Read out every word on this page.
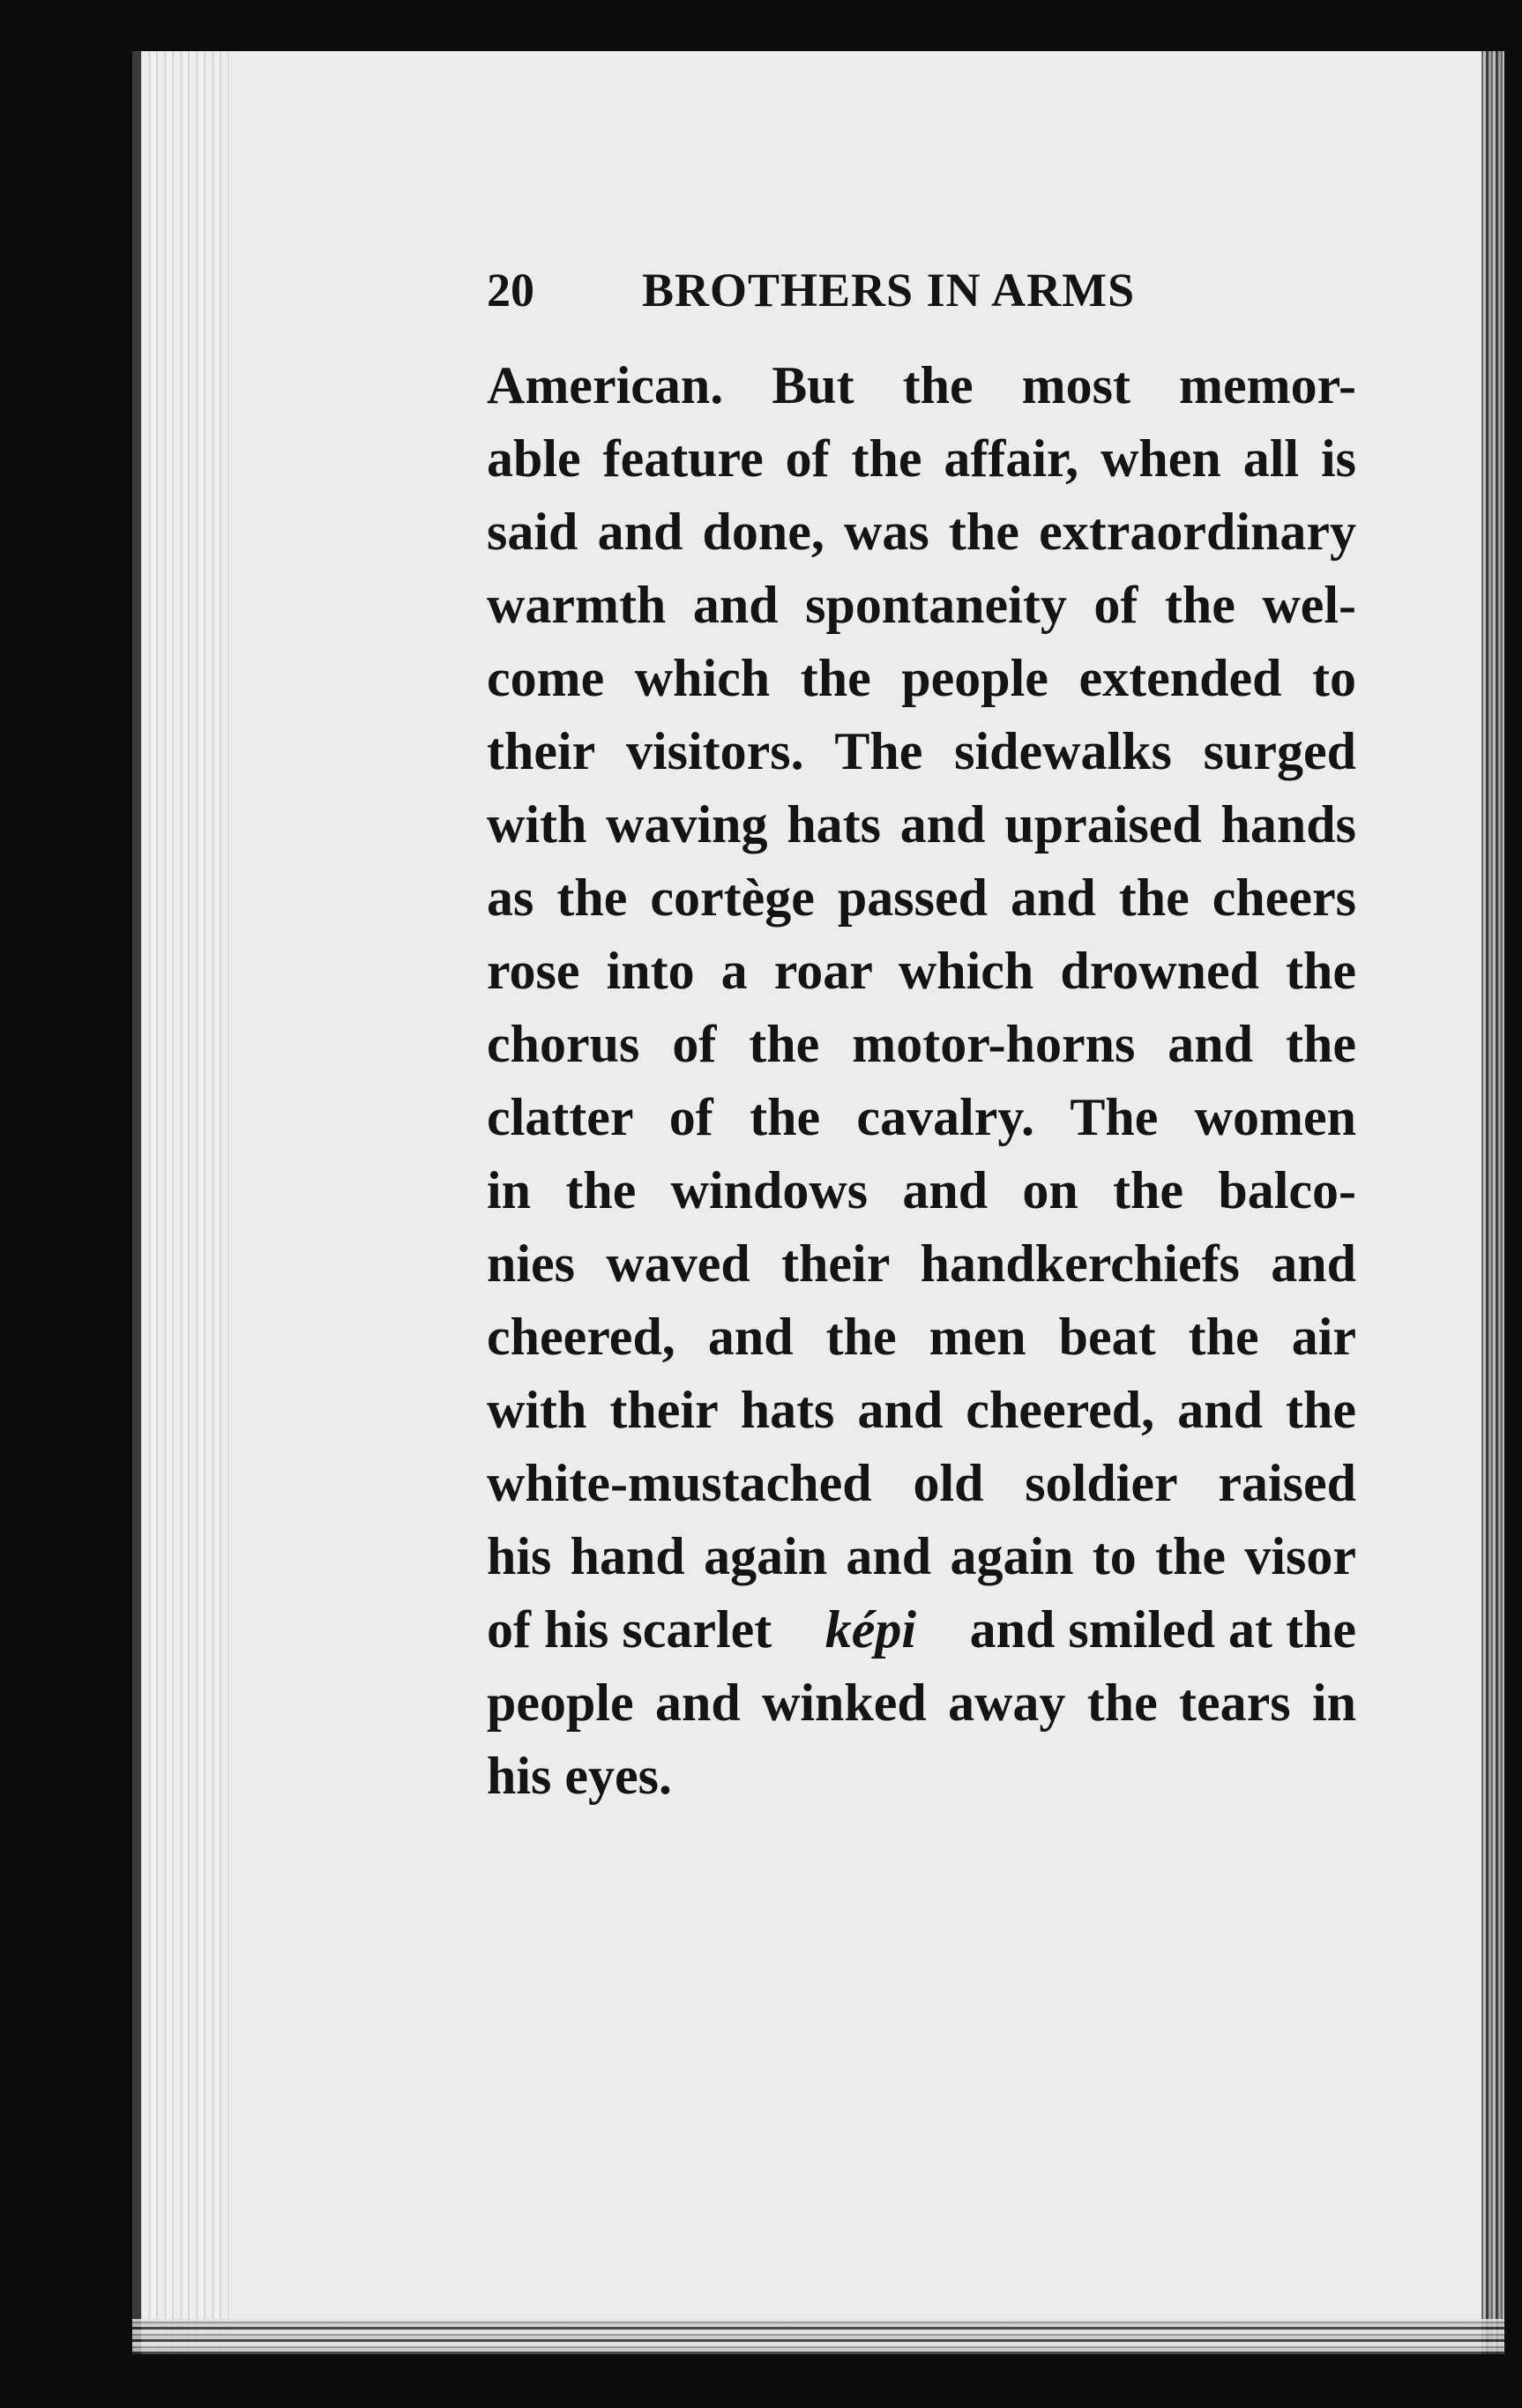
20 BROTHERS IN ARMS
American. But the most memor-
able feature of the affair, when all is
said and done, was the extraordinary
warmth and spontaneity of the wel-
come which the people extended to
their visitors. The sidewalks surged
with waving hats and upraised hands
as the cortège passed and the cheers
rose into a roar which drowned the
chorus of the motor-horns and the
clatter of the cavalry. The women
in the windows and on the balco-
nies waved their handkerchiefs and
cheered, and the men beat the air
with their hats and cheered, and the
white-mustached old soldier raised
his hand again and again to the visor
of his scarlet képi and smiled at the
people and winked away the tears in
his eyes.
